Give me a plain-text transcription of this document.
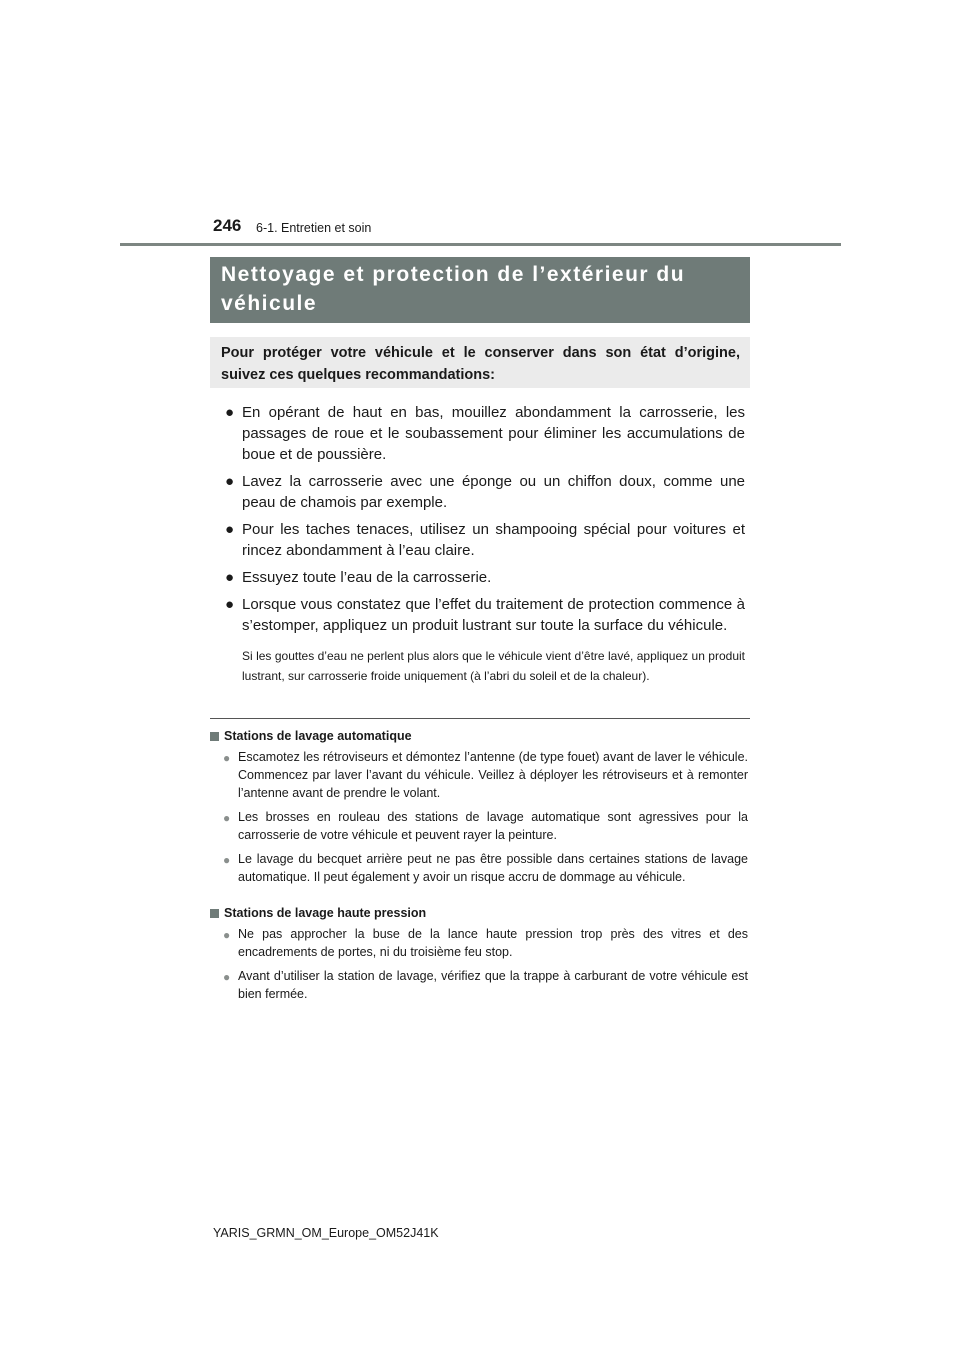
246 6-1. Entretien et soin
Nettoyage et protection de l’extérieur du
véhicule
Pour protéger votre véhicule et le conserver dans son état d’origine,
suivez ces quelques recommandations:
● En opérant de haut en bas, mouillez abondamment la carrosserie, les passages de roue et le soubassement pour éliminer les accumulations de boue et de poussière.
● Lavez la carrosserie avec une éponge ou un chiffon doux, comme une peau de chamois par exemple.
● Pour les taches tenaces, utilisez un shampooing spécial pour voitures et rincez abondamment à l’eau claire.
● Essuyez toute l’eau de la carrosserie.
● Lorsque vous constatez que l’effet du traitement de protection commence à s’estomper, appliquez un produit lustrant sur toute la surface du véhicule.
Si les gouttes d’eau ne perlent plus alors que le véhicule vient d’être lavé, appliquez un produit lustrant, sur carrosserie froide uniquement (à l’abri du soleil et de la chaleur).
Stations de lavage automatique
● Escamotez les rétroviseurs et démontez l’antenne (de type fouet) avant de laver le véhicule. Commencez par laver l’avant du véhicule. Veillez à déployer les rétroviseurs et à remonter l’antenne avant de prendre le volant.
● Les brosses en rouleau des stations de lavage automatique sont agressives pour la carrosserie de votre véhicule et peuvent rayer la peinture.
● Le lavage du becquet arrière peut ne pas être possible dans certaines stations de lavage automatique. Il peut également y avoir un risque accru de dommage au véhicule.
Stations de lavage haute pression
● Ne pas approcher la buse de la lance haute pression trop près des vitres et des encadrements de portes, ni du troisième feu stop.
● Avant d’utiliser la station de lavage, vérifiez que la trappe à carburant de votre véhicule est bien fermée.
YARIS_GRMN_OM_Europe_OM52J41K
